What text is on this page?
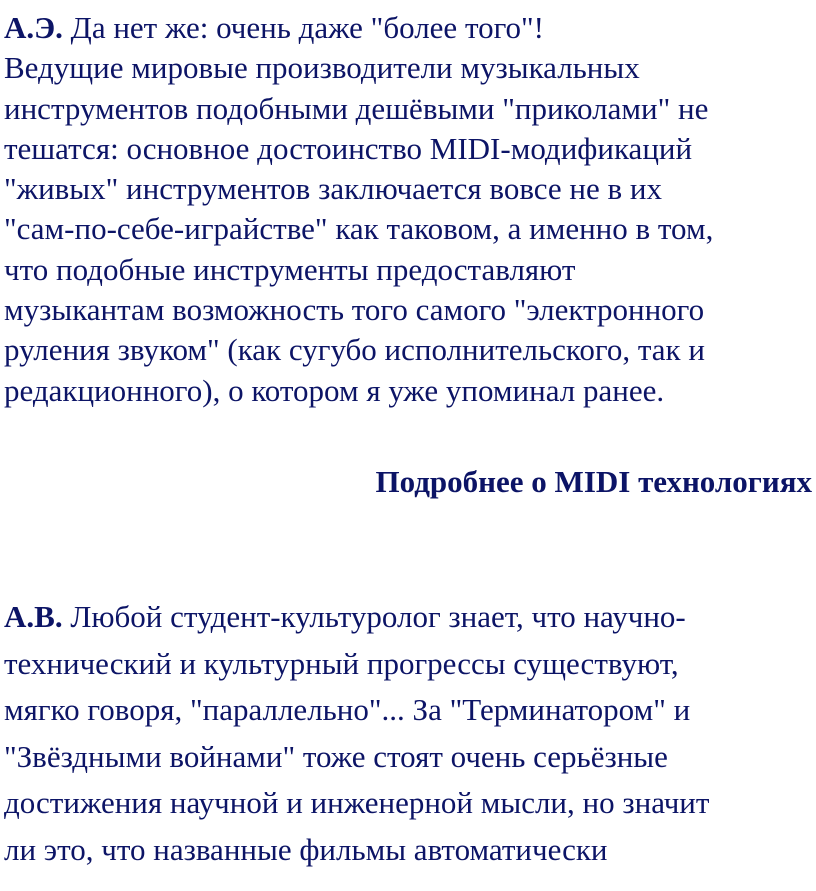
А.Э. Да нет же: очень даже "более того"!
Ведущие мировые производители музыкальных
инструментов подобными дешёвыми "приколами" не
тешатся: основное достоинство MIDI-модификаций
"живых" инструментов заключается вовсе не в их
"сам-по-себе-играйстве" как таковом, а именно в том,
что подобные инструменты предоставляют
музыкантам возможность того самого "электронного
руления звуком" (как сугубо исполнительского, так и
редакционного), о котором я уже упоминал ранее.

Подробнее о MIDI технологиях

А.В. Любой студент-культуролог знает, что научно-
технический и культурный прогрессы существуют,
мягко говоря, "параллельно"... За "Терминатором" и
"Звёздными войнами" тоже стоят очень серьёзные
достижения научной и инженерной мысли, но значит
ли это, что названные фильмы автоматически
